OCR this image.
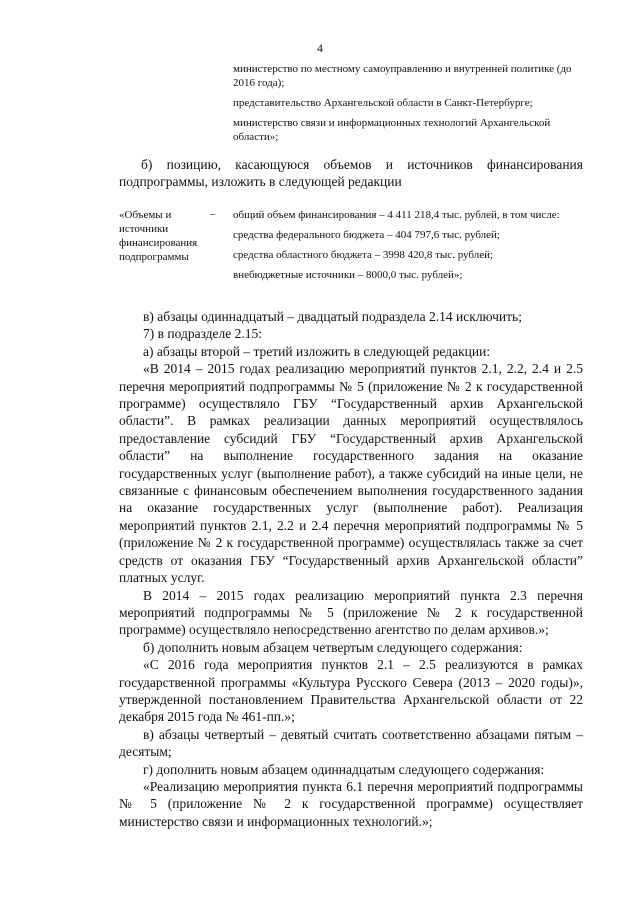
4
министерство по местному самоуправлению и внутренней политике (до 2016 года);
представительство Архангельской области в Санкт-Петербурге;
министерство связи и информационных технологий Архангельской области»;
б) позицию, касающуюся объемов и источников финансирования подпрограммы, изложить в следующей редакции
«Объемы и источники финансирования подпрограммы
– общий объем финансирования – 4 411 218,4 тыс. рублей, в том числе:
средства федерального бюджета – 404 797,6 тыс. рублей;
средства областного бюджета – 3998 420,8 тыс. рублей;
внебюджетные источники – 8000,0 тыс. рублей»;

в) абзацы одиннадцатый – двадцатый подраздела 2.14 исключить;

7) в подразделе 2.15:

а) абзацы второй – третий изложить в следующей редакции:

«В 2014 – 2015 годах реализацию мероприятий пунктов 2.1, 2.2, 2.4 и 2.5 перечня мероприятий подпрограммы № 5 (приложение № 2 к государственной программе) осуществляло ГБУ “Государственный архив Архангельской области”. В рамках реализации данных мероприятий осуществлялось предоставление субсидий ГБУ “Государственный архив Архангельской области” на выполнение государственного задания на оказание государственных услуг (выполнение работ), а также субсидий на иные цели, не связанные с финансовым обеспечением выполнения государственного задания на оказание государственных услуг (выполнение работ). Реализация мероприятий пунктов 2.1, 2.2 и 2.4 перечня мероприятий подпрограммы № 5 (приложение № 2 к государственной программе) осуществлялась также за счет средств от оказания ГБУ “Государственный архив Архангельской области” платных услуг.

В 2014 – 2015 годах реализацию мероприятий пункта 2.3 перечня мероприятий подпрограммы № 5 (приложение № 2 к государственной программе) осуществляло непосредственно агентство по делам архивов.»;

б) дополнить новым абзацем четвертым следующего содержания:

«С 2016 года мероприятия пунктов 2.1 – 2.5 реализуются в рамках государственной программы «Культура Русского Севера (2013 – 2020 годы)», утвержденной постановлением Правительства Архангельской области от 22 декабря 2015 года № 461-пп.»;

в) абзацы четвертый – девятый считать соответственно абзацами пятым – десятым;

г) дополнить новым абзацем одиннадцатым следующего содержания:

«Реализацию мероприятия пункта 6.1 перечня мероприятий подпрограммы № 5 (приложение № 2 к государственной программе) осуществляет министерство связи и информационных технологий.»;
